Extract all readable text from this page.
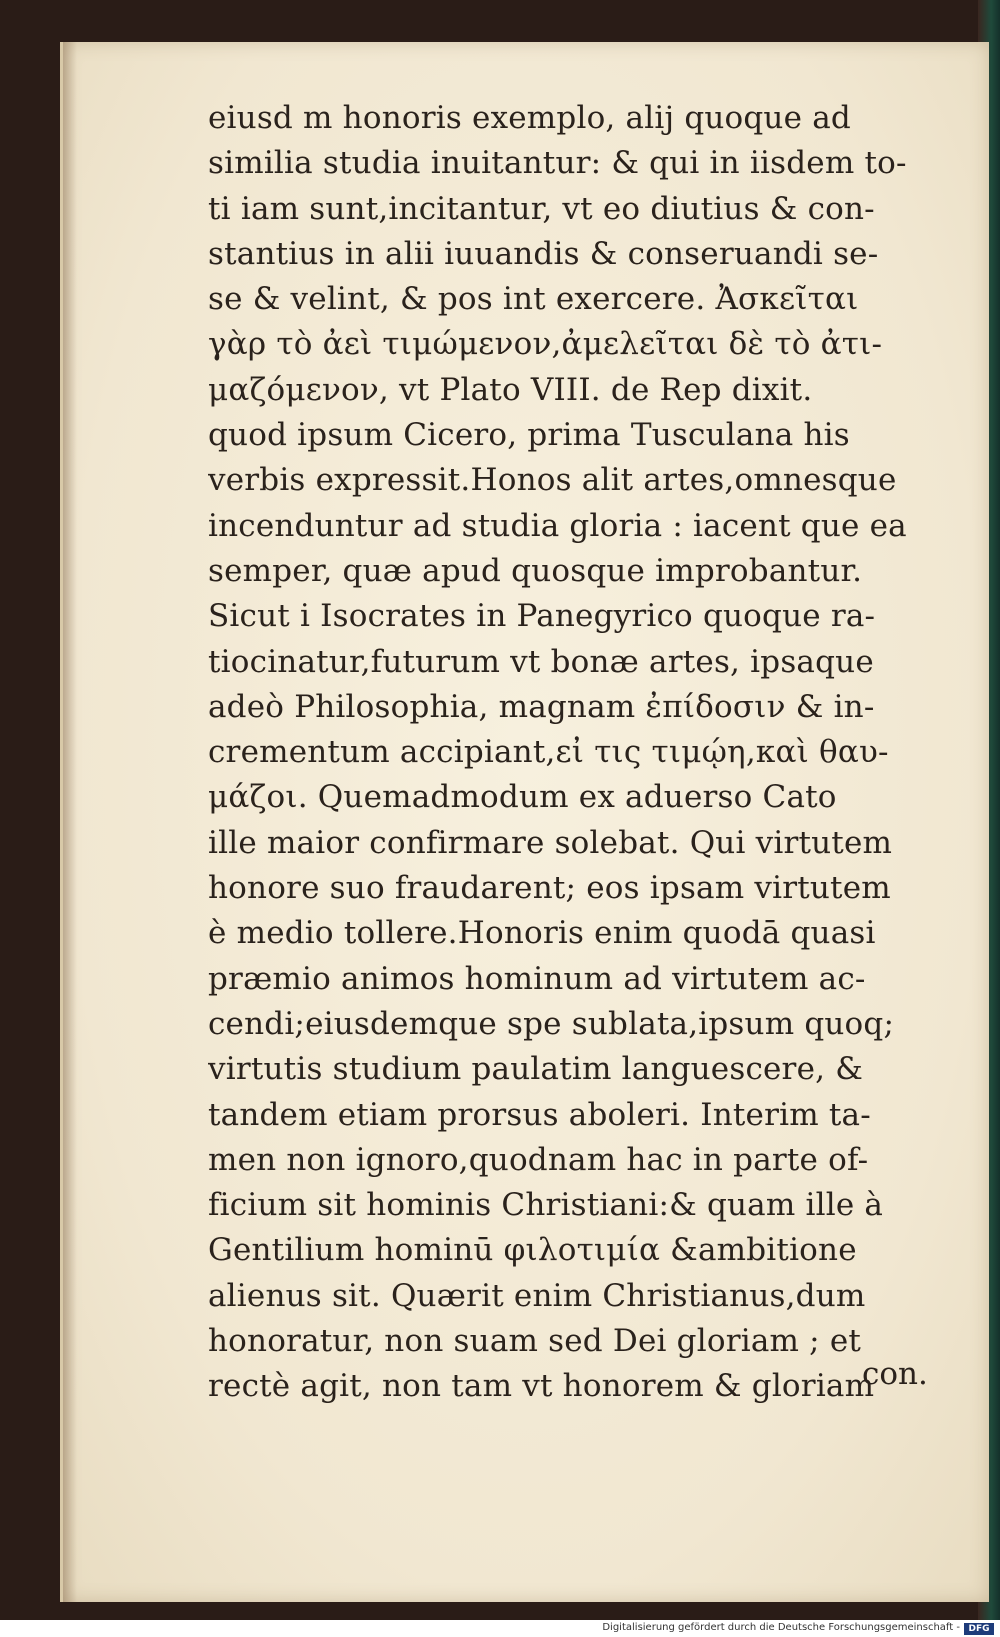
eiusd m honoris exemplo, alij quoque ad
similia studia inuitantur: & qui in iisdem to-
ti iam sunt,incitantur, vt eo diutius & con-
stantius in alii iuuandis & conseruandi se-
se & velint, & pos int exercere. Ἀσκεῖται
γὰρ τὸ ἀεὶ τιμώμενον,ἀμελεῖται δὲ τὸ ἀτι-
μαζόμενον, vt Plato VIII. de Rep dixit.
quod ipsum Cicero, prima Tusculana his
verbis expressit.Honos alit artes,omnesque
incenduntur ad studia gloria : iacent que ea
semper, quæ apud quosque improbantur.
Sicut i Isocrates in Panegyrico quoque ra-
tiocinatur,futurum vt bonæ artes, ipsaque
adeò Philosophia, magnam ἐπίδοσιν & in-
crementum accipiant,εἰ τις τιμῴη,καὶ θαυ-
μάζοι. Quemadmodum ex aduerso Cato
ille maior confirmare solebat. Qui virtutem
honore suo fraudarent; eos ipsam virtutem
è medio tollere.Honoris enim quodā quasi
præmio animos hominum ad virtutem ac-
cendi;eiusdemque spe sublata,ipsum quoq;
virtutis studium paulatim languescere, &
tandem etiam prorsus aboleri. Interim ta-
men non ignoro,quodnam hac in parte of-
ficium sit hominis Christiani:& quam ille à
Gentilium hominū φιλοτιμία &ambitione
alienus sit. Quærit enim Christianus,dum
honoratur, non suam sed Dei gloriam ; et
rectè agit, non tam vt honorem & gloriam
con.
Digitalisierung gefördert durch die Deutsche Forschungsgemeinschaft - DFG
